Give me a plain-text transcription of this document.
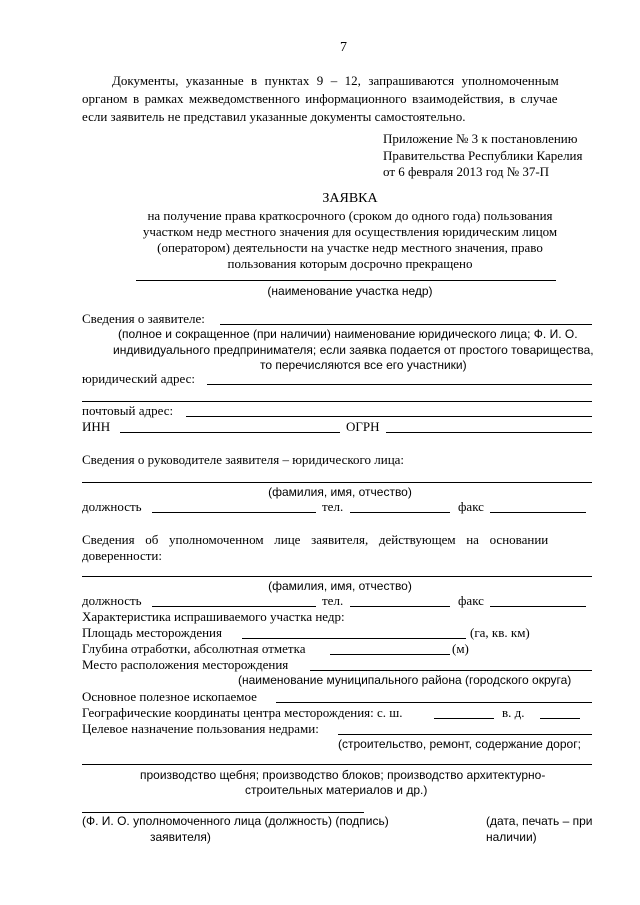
7
Документы, указанные в пунктах 9 – 12, запрашиваются уполномоченным
органом в рамках межведомственного информационного взаимодействия, в случае
если заявитель не представил указанные документы самостоятельно.
Приложение № 3 к постановлению
Правительства Республики Карелия
от 6 февраля 2013 год № 37-П
ЗАЯВКА
на получение права краткосрочного (сроком до одного года) пользования
участком недр местного значения для осуществления юридическим лицом
(оператором) деятельности на участке недр местного значения, право
пользования которым досрочно прекращено
(наименование участка недр)
Сведения о заявителе:
(полное и сокращенное (при наличии) наименование юридического лица; Ф. И. О.
индивидуального предпринимателя; если заявка подается от простого товарищества,
то перечисляются все его участники)
юридический адрес:
почтовый адрес:
ИНН	ОГРН
Сведения о руководителе заявителя – юридического лица:
(фамилия, имя, отчество)
должность	тел.	факс
Сведения об уполномоченном лице заявителя, действующем на основании
доверенности:
(фамилия, имя, отчество)
должность	тел.	факс
Характеристика испрашиваемого участка недр:
Площадь месторождения	(га, кв. км)
Глубина отработки, абсолютная отметка	(м)
Место расположения месторождения
(наименование муниципального района (городского округа)
Основное полезное ископаемое
Географические координаты центра месторождения: с. ш.	в. д.
Целевое назначение пользования недрами:
(строительство, ремонт, содержание дорог;
производство щебня; производство блоков; производство архитектурно-
строительных материалов и др.)
(Ф. И. О. уполномоченного лица (должность) (подпись)
заявителя)
(дата, печать – при
наличии)
